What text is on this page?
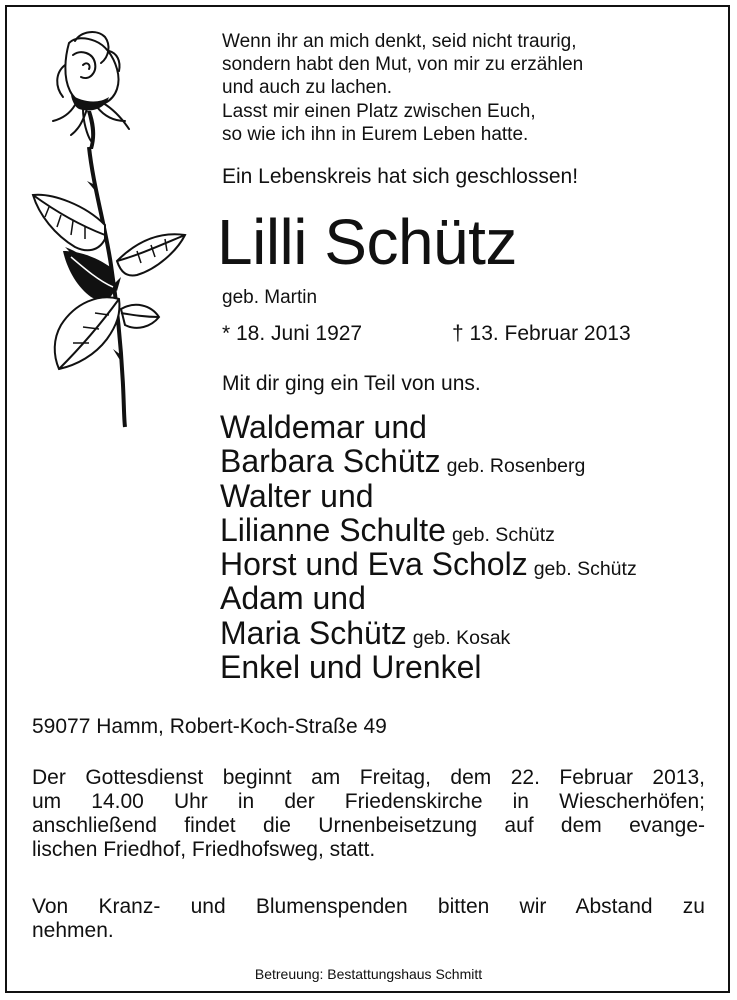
Wenn ihr an mich denkt, seid nicht traurig,
sondern habt den Mut, von mir zu erzählen
und auch zu lachen.
Lasst mir einen Platz zwischen Euch,
so wie ich ihn in Eurem Leben hatte.
Ein Lebenskreis hat sich geschlossen!
Lilli Schütz
geb. Martin
* 18. Juni 1927	† 13. Februar 2013
Mit dir ging ein Teil von uns.
Waldemar und
Barbara Schütz geb. Rosenberg
Walter und
Lilianne Schulte geb. Schütz
Horst und Eva Scholz geb. Schütz
Adam und
Maria Schütz geb. Kosak
Enkel und Urenkel
59077 Hamm, Robert-Koch-Straße 49
Der Gottesdienst beginnt am Freitag, dem 22. Februar 2013,
um 14.00 Uhr in der Friedenskirche in Wiescherhöfen;
anschließend findet die Urnenbeisetzung auf dem evange-
lischen Friedhof, Friedhofsweg, statt.
Von Kranz- und Blumenspenden bitten wir Abstand zu
nehmen.
Betreuung: Bestattungshaus Schmitt
